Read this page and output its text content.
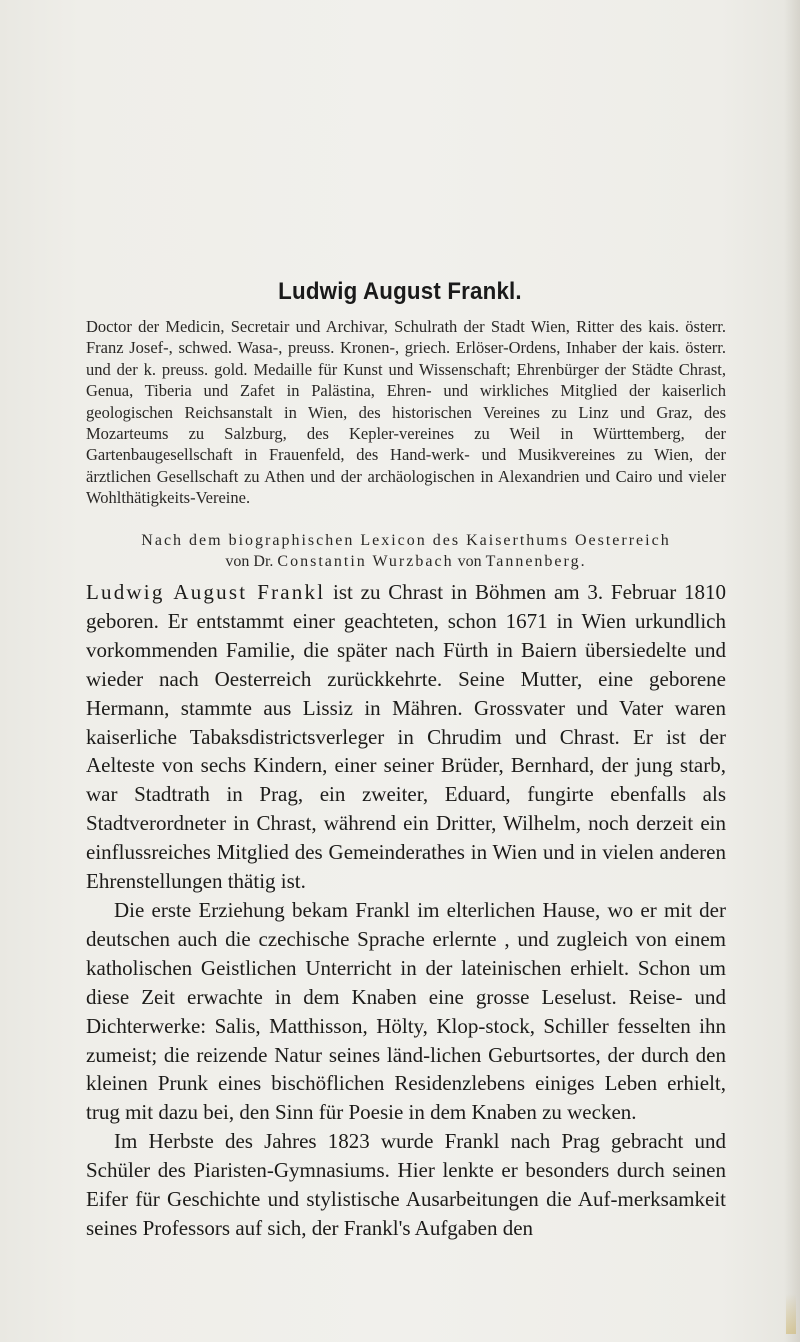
Ludwig August Frankl.
Doctor der Medicin, Secretair und Archivar, Schulrath der Stadt Wien, Ritter des kais. österr. Franz Josef-, schwed. Wasa-, preuss. Kronen-, griech. Erlöser-Ordens, Inhaber der kais. österr. und der k. preuss. gold. Medaille für Kunst und Wissenschaft; Ehrenbürger der Städte Chrast, Genua, Tiberia und Zafet in Palästina, Ehren- und wirkliches Mitglied der kaiserlich geologischen Reichsanstalt in Wien, des historischen Vereines zu Linz und Graz, des Mozarteums zu Salzburg, des Kepler-vereines zu Weil in Württemberg, der Gartenbaugesellschaft in Frauenfeld, des Hand-werk- und Musikvereines zu Wien, der ärztlichen Gesellschaft zu Athen und der archäologischen in Alexandrien und Cairo und vieler Wohlthätigkeits-Vereine.
Nach dem biographischen Lexicon des Kaiserthums Oesterreich
von Dr. Constantin Wurzbach von Tannenberg.

Ludwig August Frankl ist zu Chrast in Böhmen am 3. Februar 1810 geboren. Er entstammt einer geachteten, schon 1671 in Wien urkundlich vorkommenden Familie, die später nach Fürth in Baiern übersiedelte und wieder nach Oesterreich zurückkehrte. Seine Mutter, eine geborene Hermann, stammte aus Lissiz in Mähren. Grossvater und Vater waren kaiserliche Tabaksdistrictsverleger in Chrudim und Chrast. Er ist der Aelteste von sechs Kindern, einer seiner Brüder, Bernhard, der jung starb, war Stadtrath in Prag, ein zweiter, Eduard, fungirte ebenfalls als Stadtverordneter in Chrast, während ein Dritter, Wilhelm, noch derzeit ein einflussreiches Mitglied des Gemeinderathes in Wien und in vielen anderen Ehrenstellungen thätig ist.

Die erste Erziehung bekam Frankl im elterlichen Hause, wo er mit der deutschen auch die czechische Sprache erlernte , und zugleich von einem katholischen Geistlichen Unterricht in der lateinischen erhielt. Schon um diese Zeit erwachte in dem Knaben eine grosse Leselust. Reise- und Dichterwerke: Salis, Matthisson, Hölty, Klop-stock, Schiller fesselten ihn zumeist; die reizende Natur seines länd-lichen Geburtsortes, der durch den kleinen Prunk eines bischöflichen Residenzlebens einiges Leben erhielt, trug mit dazu bei, den Sinn für Poesie in dem Knaben zu wecken.

Im Herbste des Jahres 1823 wurde Frankl nach Prag gebracht und Schüler des Piaristen-Gymnasiums. Hier lenkte er besonders durch seinen Eifer für Geschichte und stylistische Ausarbeitungen die Auf-merksamkeit seines Professors auf sich, der Frankl's Aufgaben den
